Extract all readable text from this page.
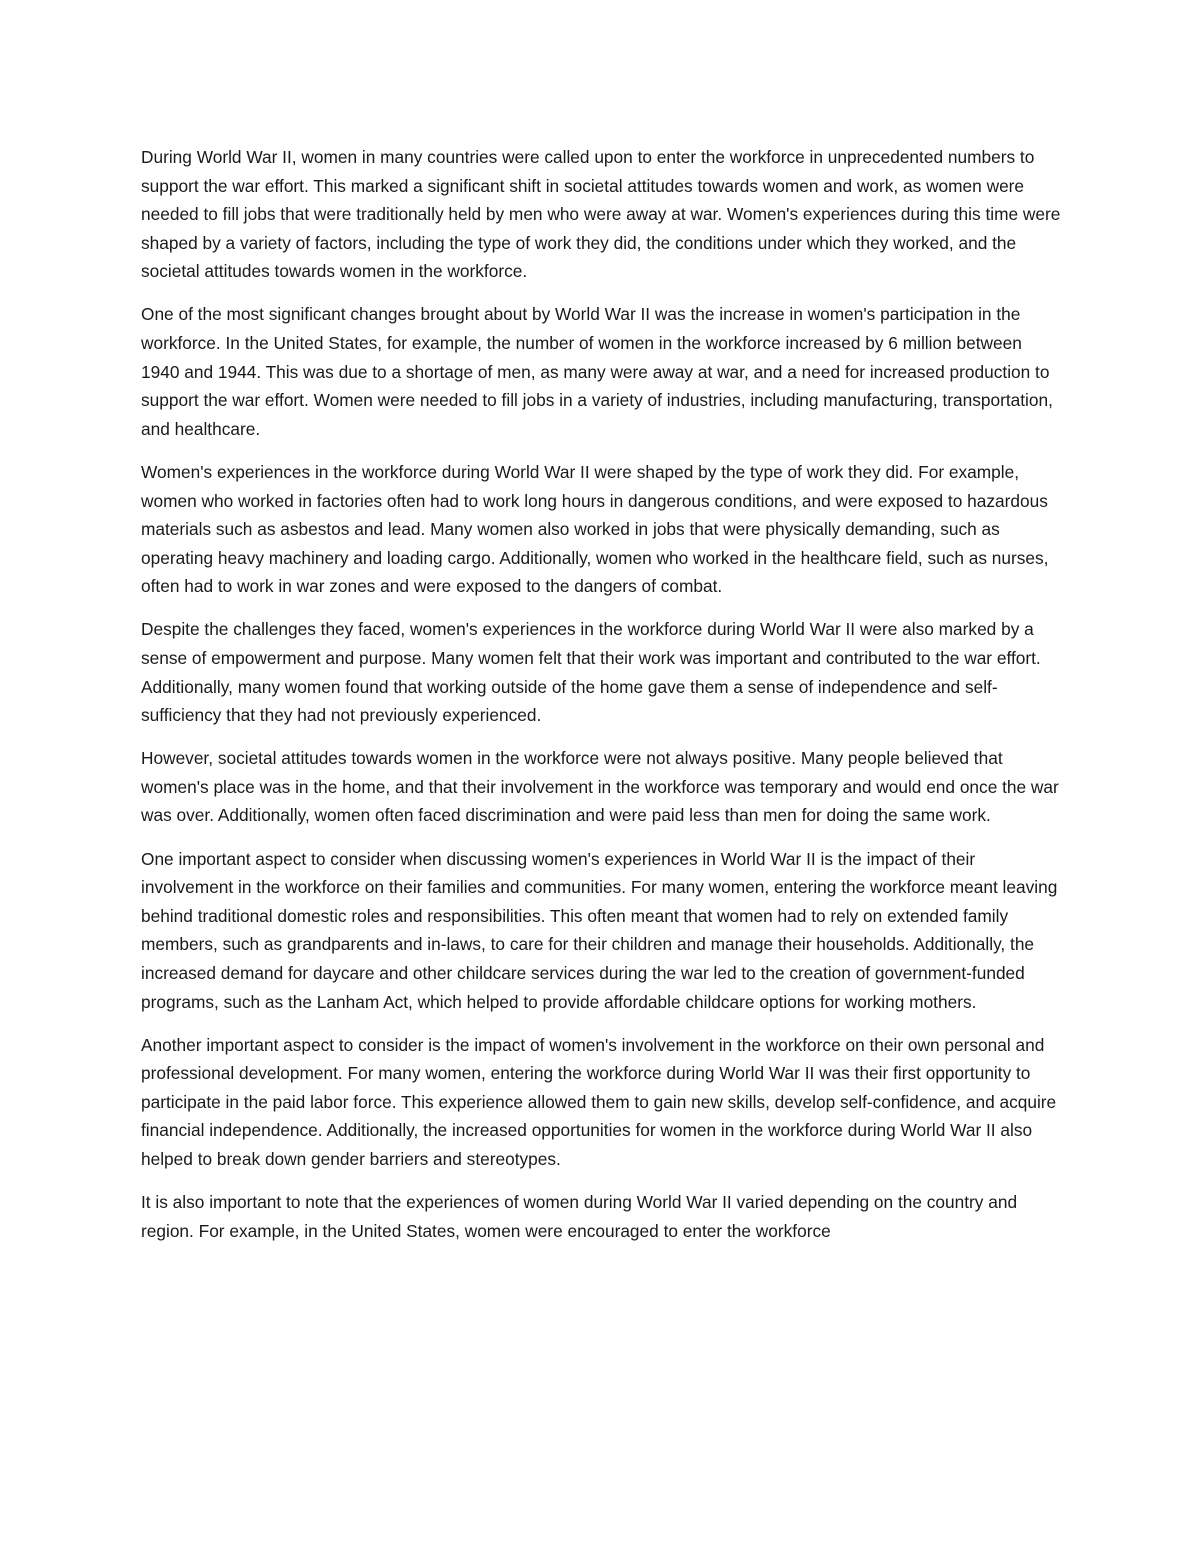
During World War II, women in many countries were called upon to enter the workforce in unprecedented numbers to support the war effort. This marked a significant shift in societal attitudes towards women and work, as women were needed to fill jobs that were traditionally held by men who were away at war. Women's experiences during this time were shaped by a variety of factors, including the type of work they did, the conditions under which they worked, and the societal attitudes towards women in the workforce.

One of the most significant changes brought about by World War II was the increase in women's participation in the workforce. In the United States, for example, the number of women in the workforce increased by 6 million between 1940 and 1944. This was due to a shortage of men, as many were away at war, and a need for increased production to support the war effort. Women were needed to fill jobs in a variety of industries, including manufacturing, transportation, and healthcare.

Women's experiences in the workforce during World War II were shaped by the type of work they did. For example, women who worked in factories often had to work long hours in dangerous conditions, and were exposed to hazardous materials such as asbestos and lead. Many women also worked in jobs that were physically demanding, such as operating heavy machinery and loading cargo. Additionally, women who worked in the healthcare field, such as nurses, often had to work in war zones and were exposed to the dangers of combat.

Despite the challenges they faced, women's experiences in the workforce during World War II were also marked by a sense of empowerment and purpose. Many women felt that their work was important and contributed to the war effort. Additionally, many women found that working outside of the home gave them a sense of independence and self-sufficiency that they had not previously experienced.

However, societal attitudes towards women in the workforce were not always positive. Many people believed that women's place was in the home, and that their involvement in the workforce was temporary and would end once the war was over. Additionally, women often faced discrimination and were paid less than men for doing the same work.

One important aspect to consider when discussing women's experiences in World War II is the impact of their involvement in the workforce on their families and communities. For many women, entering the workforce meant leaving behind traditional domestic roles and responsibilities. This often meant that women had to rely on extended family members, such as grandparents and in-laws, to care for their children and manage their households. Additionally, the increased demand for daycare and other childcare services during the war led to the creation of government-funded programs, such as the Lanham Act, which helped to provide affordable childcare options for working mothers.

Another important aspect to consider is the impact of women's involvement in the workforce on their own personal and professional development. For many women, entering the workforce during World War II was their first opportunity to participate in the paid labor force. This experience allowed them to gain new skills, develop self-confidence, and acquire financial independence. Additionally, the increased opportunities for women in the workforce during World War II also helped to break down gender barriers and stereotypes.

It is also important to note that the experiences of women during World War II varied depending on the country and region. For example, in the United States, women were encouraged to enter the workforce
